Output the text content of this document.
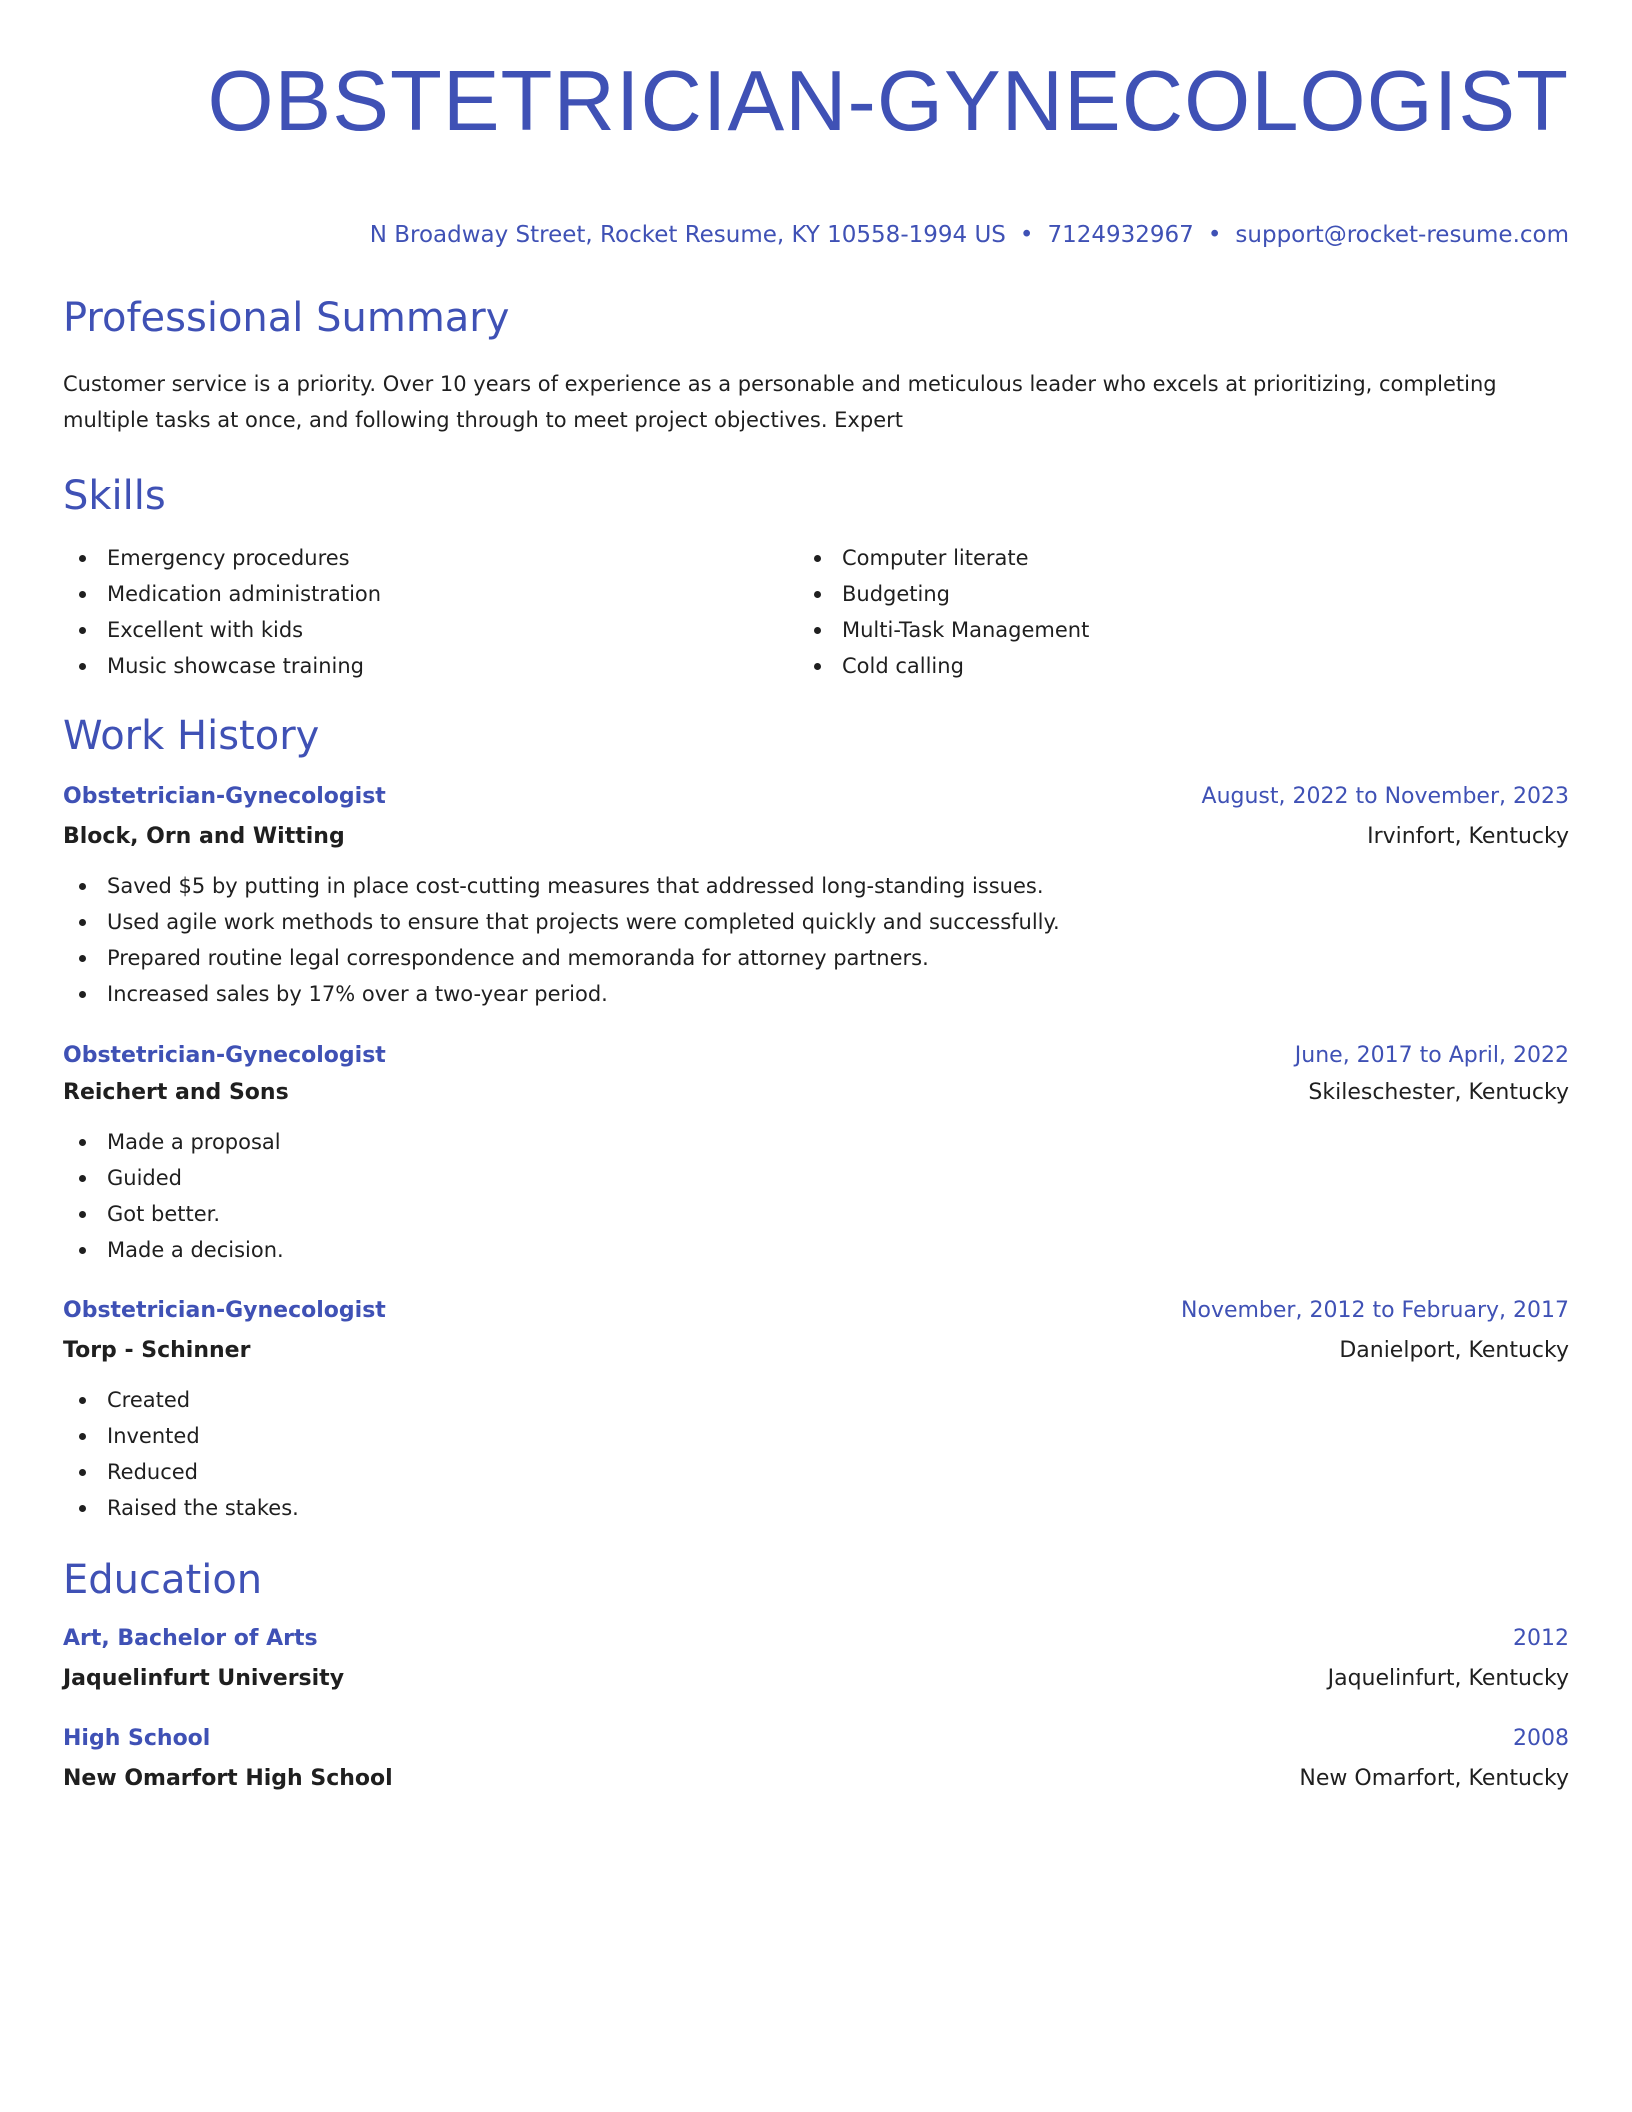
OBSTETRICIAN-GYNECOLOGIST
N Broadway Street, Rocket Resume, KY 10558-1994 US • 7124932967 • support@rocket-resume.com
Professional Summary

Customer service is a priority. Over 10 years of experience as a personable and meticulous leader who excels at prioritizing, completing multiple tasks at once, and following through to meet project objectives. Expert

Skills
Emergency procedures
Medication administration
Excellent with kids
Music showcase training
Computer literate
Budgeting
Multi-Task Management
Cold calling
Work History
Obstetrician-Gynecologist	August, 2022 to November, 2023
Block, Orn and Witting	Irvinfort, Kentucky
Saved $5 by putting in place cost-cutting measures that addressed long-standing issues.
Used agile work methods to ensure that projects were completed quickly and successfully.
Prepared routine legal correspondence and memoranda for attorney partners.
Increased sales by 17% over a two-year period.
Obstetrician-Gynecologist	June, 2017 to April, 2022
Reichert and Sons	Skileschester, Kentucky
Made a proposal
Guided
Got better.
Made a decision.
Obstetrician-Gynecologist	November, 2012 to February, 2017
Torp - Schinner	Danielport, Kentucky
Created
Invented
Reduced
Raised the stakes.
Education
Art, Bachelor of Arts	2012
Jaquelinfurt University	Jaquelinfurt, Kentucky
High School	2008
New Omarfort High School	New Omarfort, Kentucky
